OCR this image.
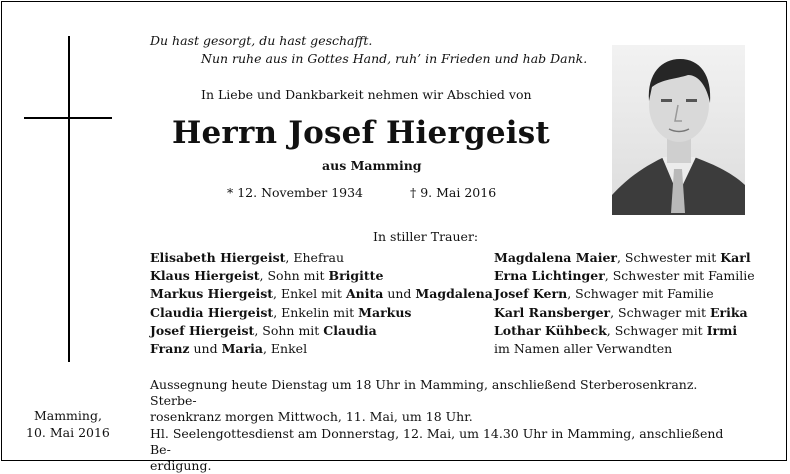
Du hast gesorgt, du hast geschafft.
Nun ruhe aus in Gottes Hand, ruh’ in Frieden und hab Dank.
In Liebe und Dankbarkeit nehmen wir Abschied von
Herrn Josef Hiergeist
aus Mamming
* 12. November 1934	† 9. Mai 2016
In stiller Trauer:
Elisabeth Hiergeist, Ehefrau
Klaus Hiergeist, Sohn mit Brigitte
Markus Hiergeist, Enkel mit Anita und Magdalena
Claudia Hiergeist, Enkelin mit Markus
Josef Hiergeist, Sohn mit Claudia
Franz und Maria, Enkel
Magdalena Maier, Schwester mit Karl
Erna Lichtinger, Schwester mit Familie
Josef Kern, Schwager mit Familie
Karl Ransberger, Schwager mit Erika
Lothar Kühbeck, Schwager mit Irmi
im Namen aller Verwandten
Aussegnung heute Dienstag um 18 Uhr in Mamming, anschließend Sterberosenkranz. Sterbe-
rosenkranz morgen Mittwoch, 11. Mai, um 18 Uhr.
Hl. Seelengottesdienst am Donnerstag, 12. Mai, um 14.30 Uhr in Mamming, anschließend Be-
erdigung.
Mamming,
10. Mai 2016
